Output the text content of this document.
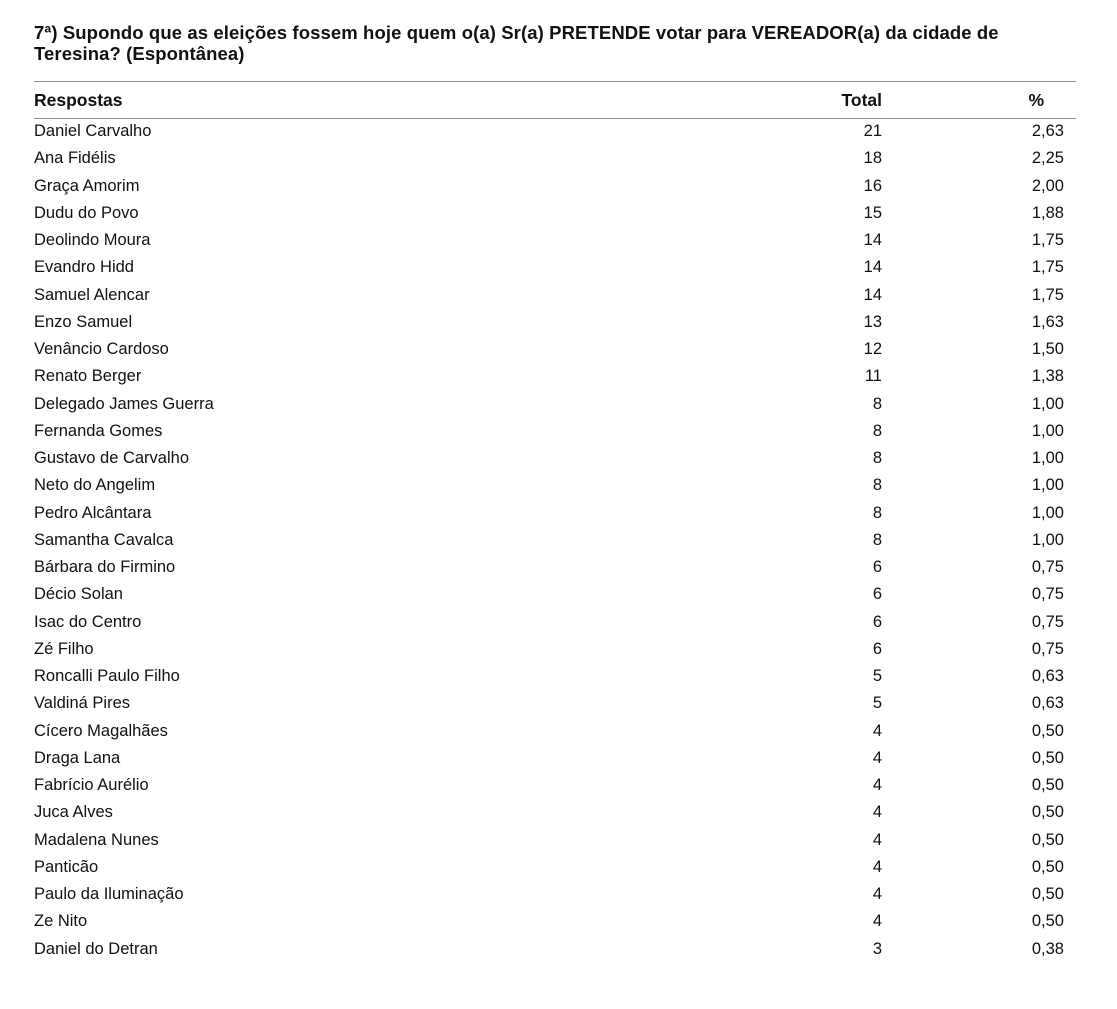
7ª) Supondo que as eleições fossem hoje quem o(a) Sr(a) PRETENDE votar para VEREADOR(a) da cidade de Teresina? (Espontânea)
Respostas	Total	%
Daniel Carvalho	21	2,63
Ana Fidélis	18	2,25
Graça Amorim	16	2,00
Dudu do Povo	15	1,88
Deolindo Moura	14	1,75
Evandro Hidd	14	1,75
Samuel Alencar	14	1,75
Enzo Samuel	13	1,63
Venâncio Cardoso	12	1,50
Renato Berger	11	1,38
Delegado James Guerra	8	1,00
Fernanda Gomes	8	1,00
Gustavo de Carvalho	8	1,00
Neto do Angelim	8	1,00
Pedro Alcântara	8	1,00
Samantha Cavalca	8	1,00
Bárbara do Firmino	6	0,75
Décio Solan	6	0,75
Isac do Centro	6	0,75
Zé Filho	6	0,75
Roncalli Paulo Filho	5	0,63
Valdiná Pires	5	0,63
Cícero Magalhães	4	0,50
Draga Lana	4	0,50
Fabrício Aurélio	4	0,50
Juca Alves	4	0,50
Madalena Nunes	4	0,50
Panticão	4	0,50
Paulo da Iluminação	4	0,50
Ze Nito	4	0,50
Daniel do Detran	3	0,38
